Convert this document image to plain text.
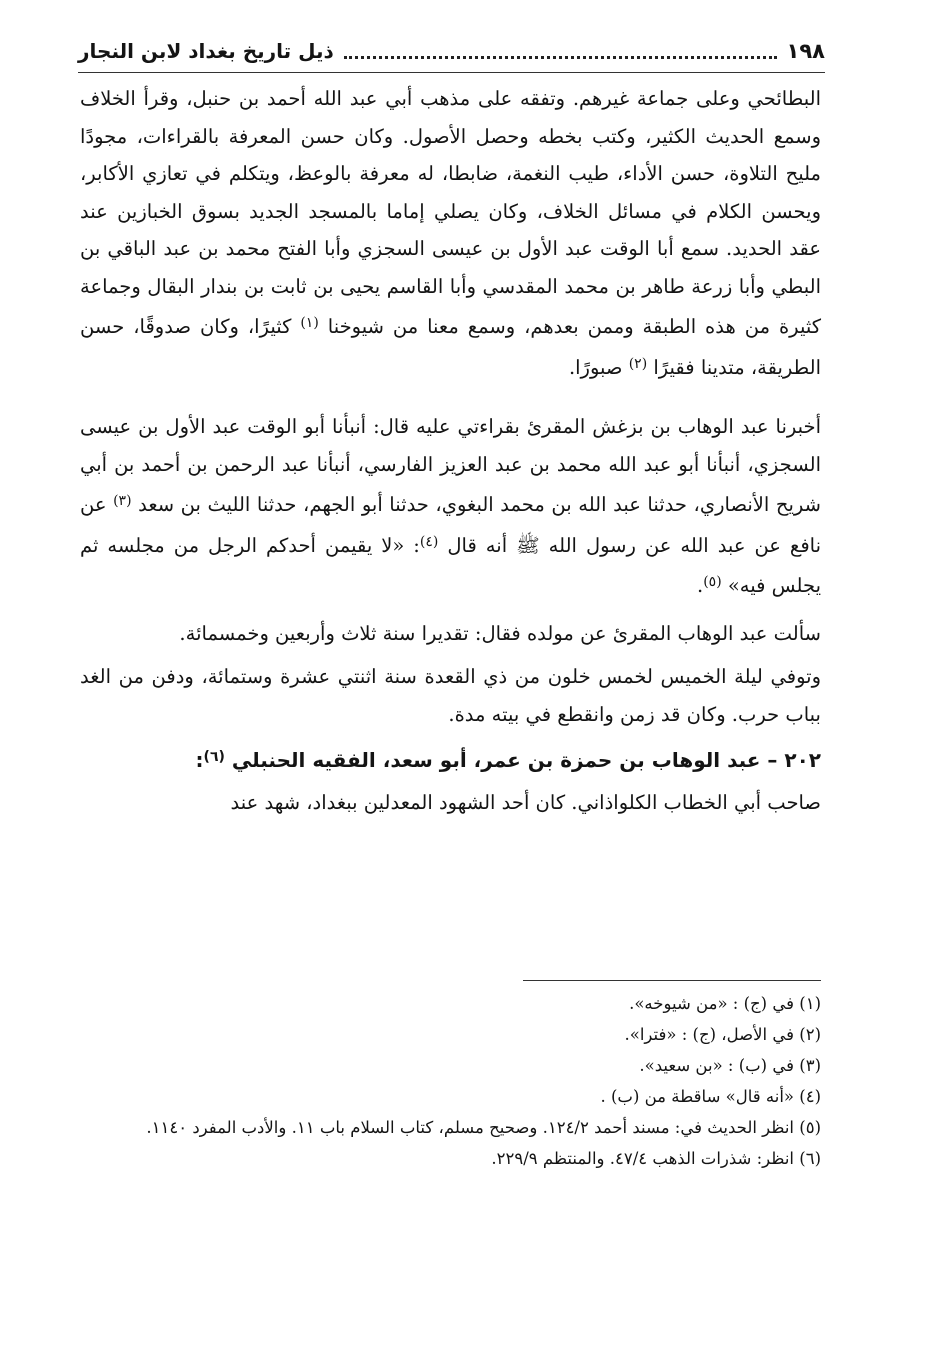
١٩٨
ذيل تاريخ بغداد لابن النجار

البطائحي وعلى جماعة غيرهم. وتفقه على مذهب أبي عبد الله أحمد بن حنبل، وقرأ الخلاف وسمع الحديث الكثير، وكتب بخطه وحصل الأصول. وكان حسن المعرفة بالقراءات، مجودًا مليح التلاوة، حسن الأداء، طيب النغمة، ضابطا، له معرفة بالوعظ، ويتكلم في تعازي الأكابر، ويحسن الكلام في مسائل الخلاف، وكان يصلي إماما بالمسجد الجديد بسوق الخبازين عند عقد الحديد. سمع أبا الوقت عبد الأول بن عيسى السجزي وأبا الفتح محمد بن عبد الباقي بن البطي وأبا زرعة طاهر بن محمد المقدسي وأبا القاسم يحيى بن ثابت بن بندار البقال وجماعة كثيرة من هذه الطبقة وممن بعدهم، وسمع معنا من شيوخنا $^{(١)}$ كثيرًا، وكان صدوقًا، حسن الطريقة، متدينا فقيرًا $^{(٢)}$ صبورًا.

أخبرنا عبد الوهاب بن بزغش المقرئ بقراءتي عليه قال: أنبأنا أبو الوقت عبد الأول بن عيسى السجزي، أنبأنا أبو عبد الله محمد بن عبد العزيز الفارسي، أنبأنا عبد الرحمن بن أحمد بن أبي شريح الأنصاري، حدثنا عبد الله بن محمد البغوي، حدثنا أبو الجهم، حدثنا الليث بن سعد $^{(٣)}$ عن نافع عن عبد الله عن رسول الله ﷺ أنه قال $^{(٤)}$: «لا يقيمن أحدكم الرجل من مجلسه ثم يجلس فيه» $^{(٥)}$.

سألت عبد الوهاب المقرئ عن مولده فقال: تقديرا سنة ثلاث وأربعين وخمسمائة.

وتوفي ليلة الخميس لخمس خلون من ذي القعدة سنة اثنتي عشرة وستمائة، ودفن من الغد بباب حرب. وكان قد زمن وانقطع في بيته مدة.

٢٠٢ – عبد الوهاب بن حمزة بن عمر، أبو سعد، الفقيه الحنبلي $^{(٦)}$:

صاحب أبي الخطاب الكلواذاني. كان أحد الشهود المعدلين ببغداد، شهد عند

(١) في (ج) : «من شيوخه».

(٢) في الأصل، (ج) : «فترا».

(٣) في (ب) : «بن سعيد».

(٤) «أنه قال» ساقطة من (ب) .

(٥) انظر الحديث في: مسند أحمد ١٢٤/٢. وصحيح مسلم، كتاب السلام باب ١١. والأدب المفرد ١١٤٠.

(٦) انظر: شذرات الذهب ٤٧/٤. والمنتظم ٢٢٩/٩.
